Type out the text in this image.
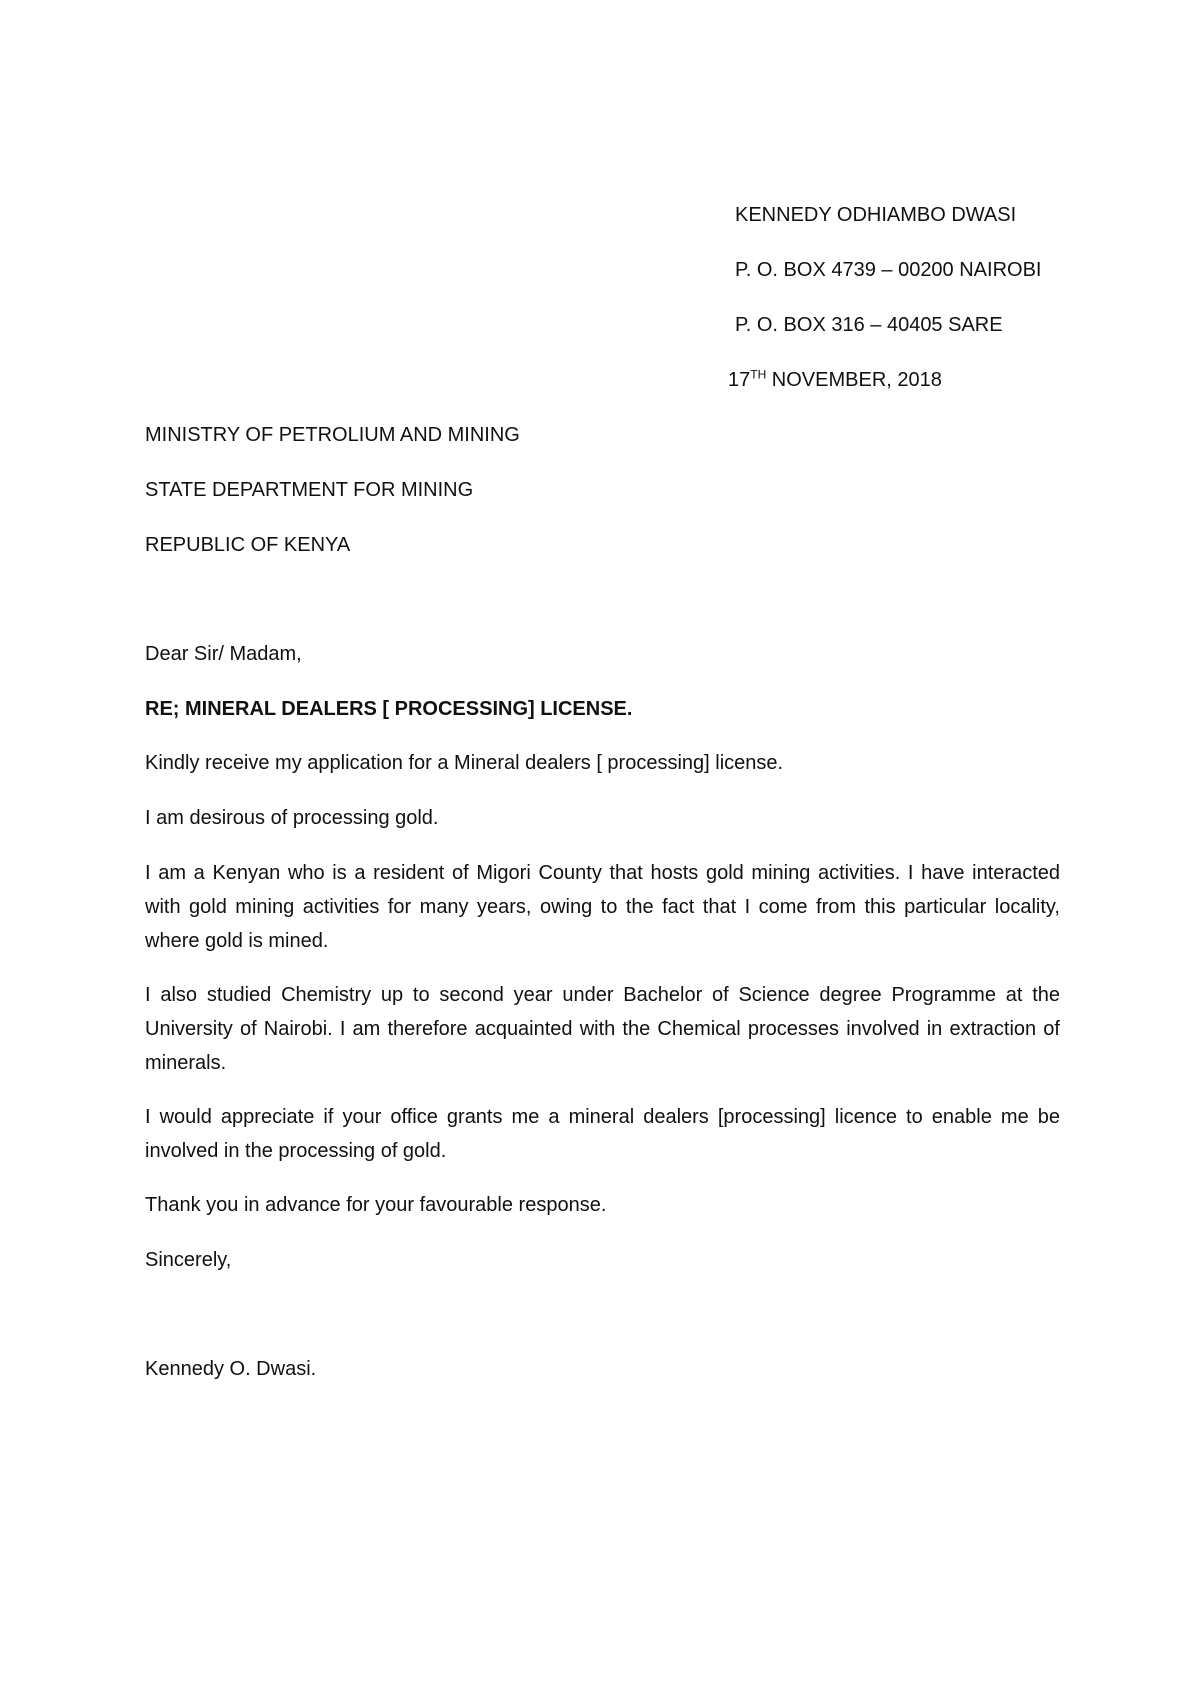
KENNEDY ODHIAMBO DWASI

P. O. BOX 4739 – 00200 NAIROBI

P. O. BOX 316 – 40405 SARE

17TH NOVEMBER, 2018

MINISTRY OF PETROLIUM AND MINING

STATE DEPARTMENT FOR MINING

REPUBLIC OF KENYA

Dear Sir/ Madam,

RE; MINERAL DEALERS [ PROCESSING] LICENSE.

Kindly receive my application for a Mineral dealers [ processing] license.

I am desirous of processing gold.

I am a Kenyan who is a resident of Migori County that hosts gold mining activities. I have interacted with gold mining activities for many years, owing to the fact that I come from this particular locality, where gold is mined.

I also studied Chemistry up to second year under Bachelor of Science degree Programme at the University of Nairobi. I am therefore acquainted with the Chemical processes involved in extraction of minerals.

I would appreciate if your office grants me a mineral dealers [processing] licence to enable me be involved in the processing of gold.

Thank you in advance for your favourable response.

Sincerely,

Kennedy O. Dwasi.
